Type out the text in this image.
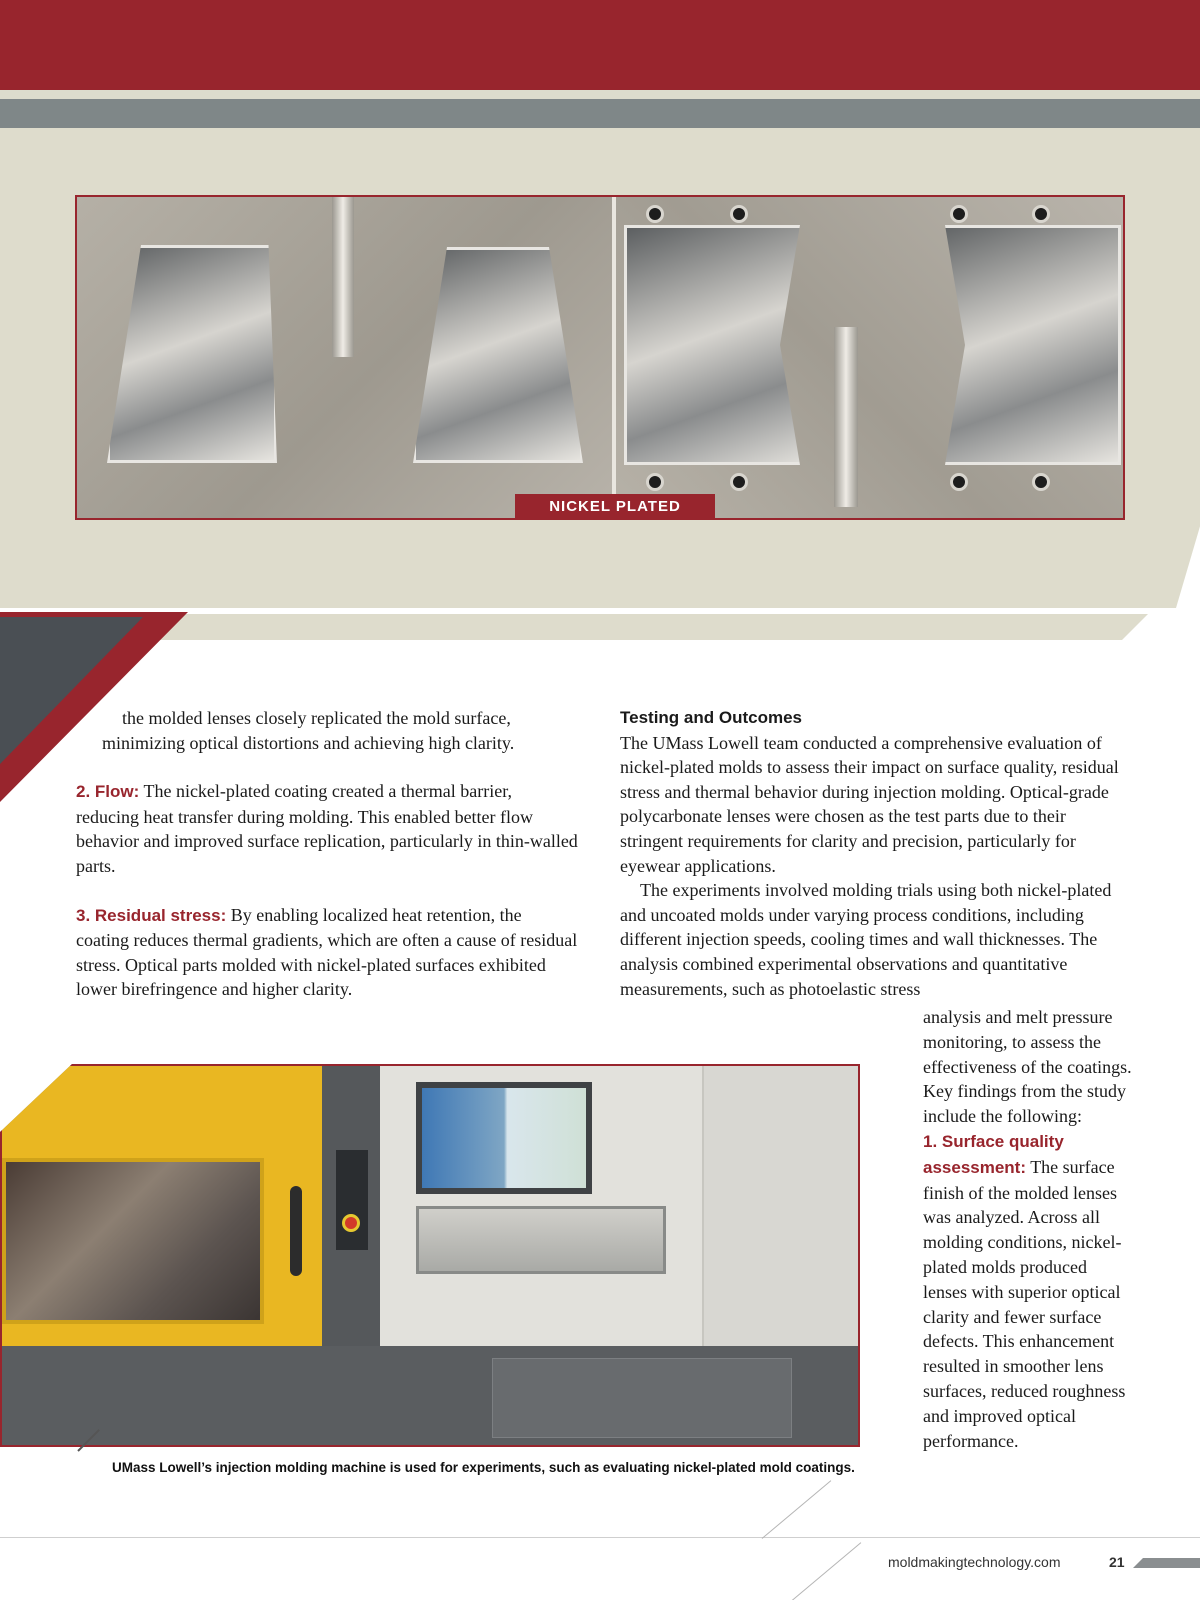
NICKEL PLATED

the molded lenses closely replicated the mold surface, minimizing optical distortions and achieving high clarity.

2. Flow: The nickel-plated coating created a thermal barrier, reducing heat transfer during molding. This enabled better flow behavior and improved surface replication, particularly in thin-walled parts.

3. Residual stress: By enabling localized heat retention, the coating reduces thermal gradients, which are often a cause of residual stress. Optical parts molded with nickel-plated surfaces exhibited lower birefringence and higher clarity.

Testing and Outcomes

The UMass Lowell team conducted a comprehensive evaluation of nickel-plated molds to assess their impact on surface quality, residual stress and thermal behavior during injection molding. Optical-grade polycarbonate lenses were chosen as the test parts due to their stringent requirements for clarity and precision, particularly for eyewear applications.

The experiments involved molding trials using both nickel-plated and uncoated molds under varying process conditions, including different injection speeds, cooling times and wall thicknesses. The analysis combined experimental observations and quantitative measurements, such as photoelastic stress

analysis and melt pressure monitoring, to assess the effectiveness of the coatings. Key findings from the study include the following:

1. Surface quality assessment: The surface finish of the molded lenses was analyzed. Across all molding conditions, nickel-plated molds produced lenses with superior optical clarity and fewer surface defects. This enhancement resulted in smoother lens surfaces, reduced roughness and improved optical performance.

UMass Lowell’s injection molding machine is used for experiments, such as evaluating nickel-plated mold coatings.
moldmakingtechnology.com	21
